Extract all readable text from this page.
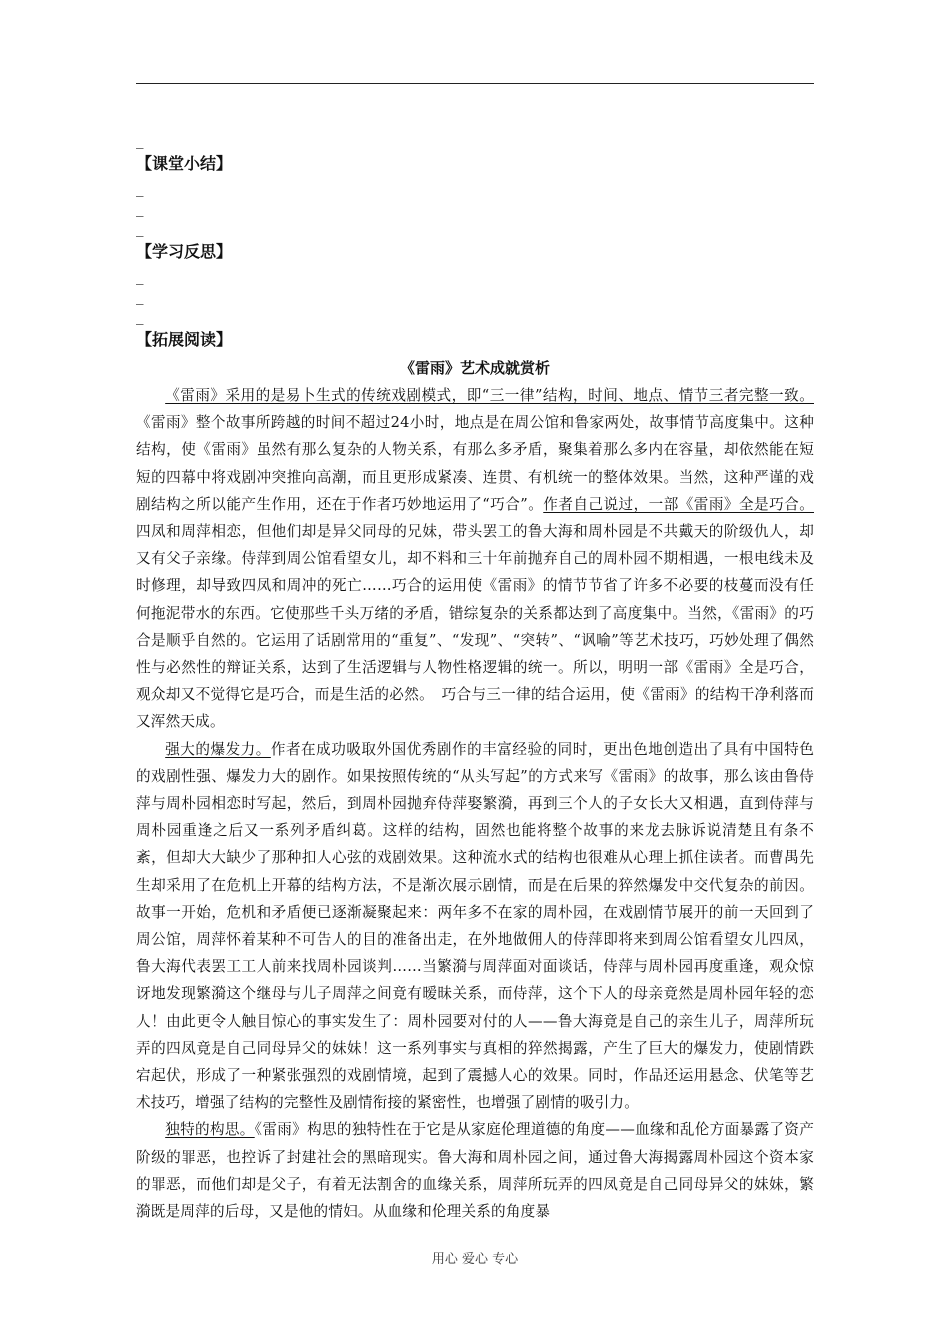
_

【课堂小结】

_

_

_

【学习反思】

_

_

_

【拓展阅读】

《雷雨》艺术成就赏析

《雷雨》采用的是易卜生式的传统戏剧模式，即“三一律”结构，时间、地点、情节三者完整一致。《雷雨》整个故事所跨越的时间不超过24小时，地点是在周公馆和鲁家两处，故事情节高度集中。这种结构，使《雷雨》虽然有那么复杂的人物关系，有那么多矛盾，聚集着那么多内在容量，却依然能在短短的四幕中将戏剧冲突推向高潮，而且更形成紧凑、连贯、有机统一的整体效果。当然，这种严谨的戏剧结构之所以能产生作用，还在于作者巧妙地运用了“巧合”。作者自己说过，一部《雷雨》全是巧合。四凤和周萍相恋，但他们却是异父同母的兄妹，带头罢工的鲁大海和周朴园是不共戴天的阶级仇人，却又有父子亲缘。侍萍到周公馆看望女儿，却不料和三十年前抛弃自己的周朴园不期相遇，一根电线未及时修理，却导致四凤和周冲的死亡……巧合的运用使《雷雨》的情节节省了许多不必要的枝蔓而没有任何拖泥带水的东西。它使那些千头万绪的矛盾，错综复杂的关系都达到了高度集中。当然，《雷雨》的巧合是顺乎自然的。它运用了话剧常用的“重复”、“发现”、“突转”、“讽喻”等艺术技巧，巧妙处理了偶然性与必然性的辩证关系，达到了生活逻辑与人物性格逻辑的统一。所以，明明一部《雷雨》全是巧合，观众却又不觉得它是巧合，而是生活的必然。　巧合与三一律的结合运用，使《雷雨》的结构干净利落而又浑然天成。

强大的爆发力。作者在成功吸取外国优秀剧作的丰富经验的同时，更出色地创造出了具有中国特色的戏剧性强、爆发力大的剧作。如果按照传统的“从头写起”的方式来写《雷雨》的故事，那么该由鲁侍萍与周朴园相恋时写起，然后，到周朴园抛弃侍萍娶繁漪，再到三个人的子女长大又相遇，直到侍萍与周朴园重逢之后又一系列矛盾纠葛。这样的结构，固然也能将整个故事的来龙去脉诉说清楚且有条不紊，但却大大缺少了那种扣人心弦的戏剧效果。这种流水式的结构也很难从心理上抓住读者。而曹禺先生却采用了在危机上开幕的结构方法，不是渐次展示剧情，而是在后果的猝然爆发中交代复杂的前因。故事一开始，危机和矛盾便已逐渐凝聚起来：两年多不在家的周朴园，在戏剧情节展开的前一天回到了周公馆，周萍怀着某种不可告人的目的准备出走，在外地做佣人的侍萍即将来到周公馆看望女儿四凤，鲁大海代表罢工工人前来找周朴园谈判……当繁漪与周萍面对面谈话，侍萍与周朴园再度重逢，观众惊讶地发现繁漪这个继母与儿子周萍之间竟有暧昧关系，而侍萍，这个下人的母亲竟然是周朴园年轻的恋人！由此更令人触目惊心的事实发生了：周朴园要对付的人——鲁大海竟是自己的亲生儿子，周萍所玩弄的四凤竟是自己同母异父的妹妹！这一系列事实与真相的猝然揭露，产生了巨大的爆发力，使剧情跌宕起伏，形成了一种紧张强烈的戏剧情境，起到了震撼人心的效果。同时，作品还运用悬念、伏笔等艺术技巧，增强了结构的完整性及剧情衔接的紧密性，也增强了剧情的吸引力。

独特的构思。《雷雨》构思的独特性在于它是从家庭伦理道德的角度——血缘和乱伦方面暴露了资产阶级的罪恶，也控诉了封建社会的黑暗现实。鲁大海和周朴园之间，通过鲁大海揭露周朴园这个资本家的罪恶，而他们却是父子，有着无法割舍的血缘关系，周萍所玩弄的四凤竟是自己同母异父的妹妹，繁漪既是周萍的后母，又是他的情妇。从血缘和伦理关系的角度暴

用心 爱心 专心
